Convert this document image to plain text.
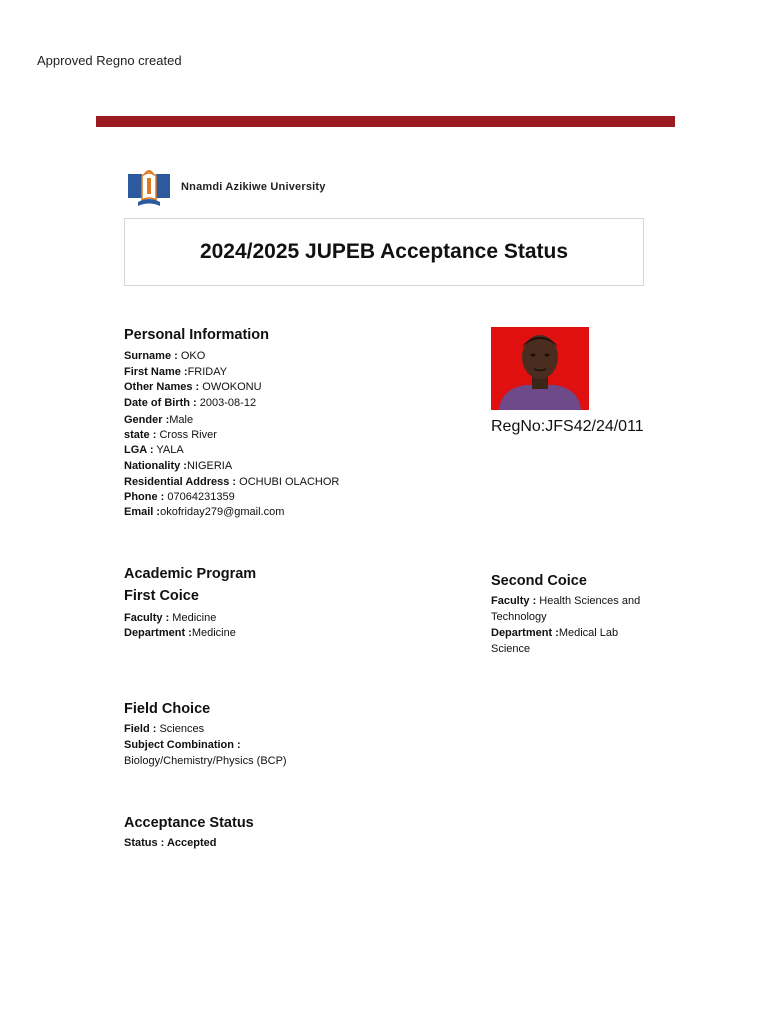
Approved Regno created
Nnamdi Azikiwe University
2024/2025 JUPEB Acceptance Status
Personal Information
Surname : OKO
First Name :FRIDAY
Other Names : OWOKONU
Date of Birth : 2003-08-12
Gender :Male
state : Cross River
LGA : YALA
Nationality :NIGERIA
Residential Address : OCHUBI OLACHOR
Phone : 07064231359
Email :okofriday279@gmail.com
RegNo:JFS42/24/011
Academic Program
First Coice
Faculty : Medicine
Department :Medicine
Second Coice
Faculty : Health Sciences and Technology
Department :Medical Lab Science
Field Choice
Field : Sciences
Subject Combination :
Biology/Chemistry/Physics (BCP)
Acceptance Status
Status : Accepted
